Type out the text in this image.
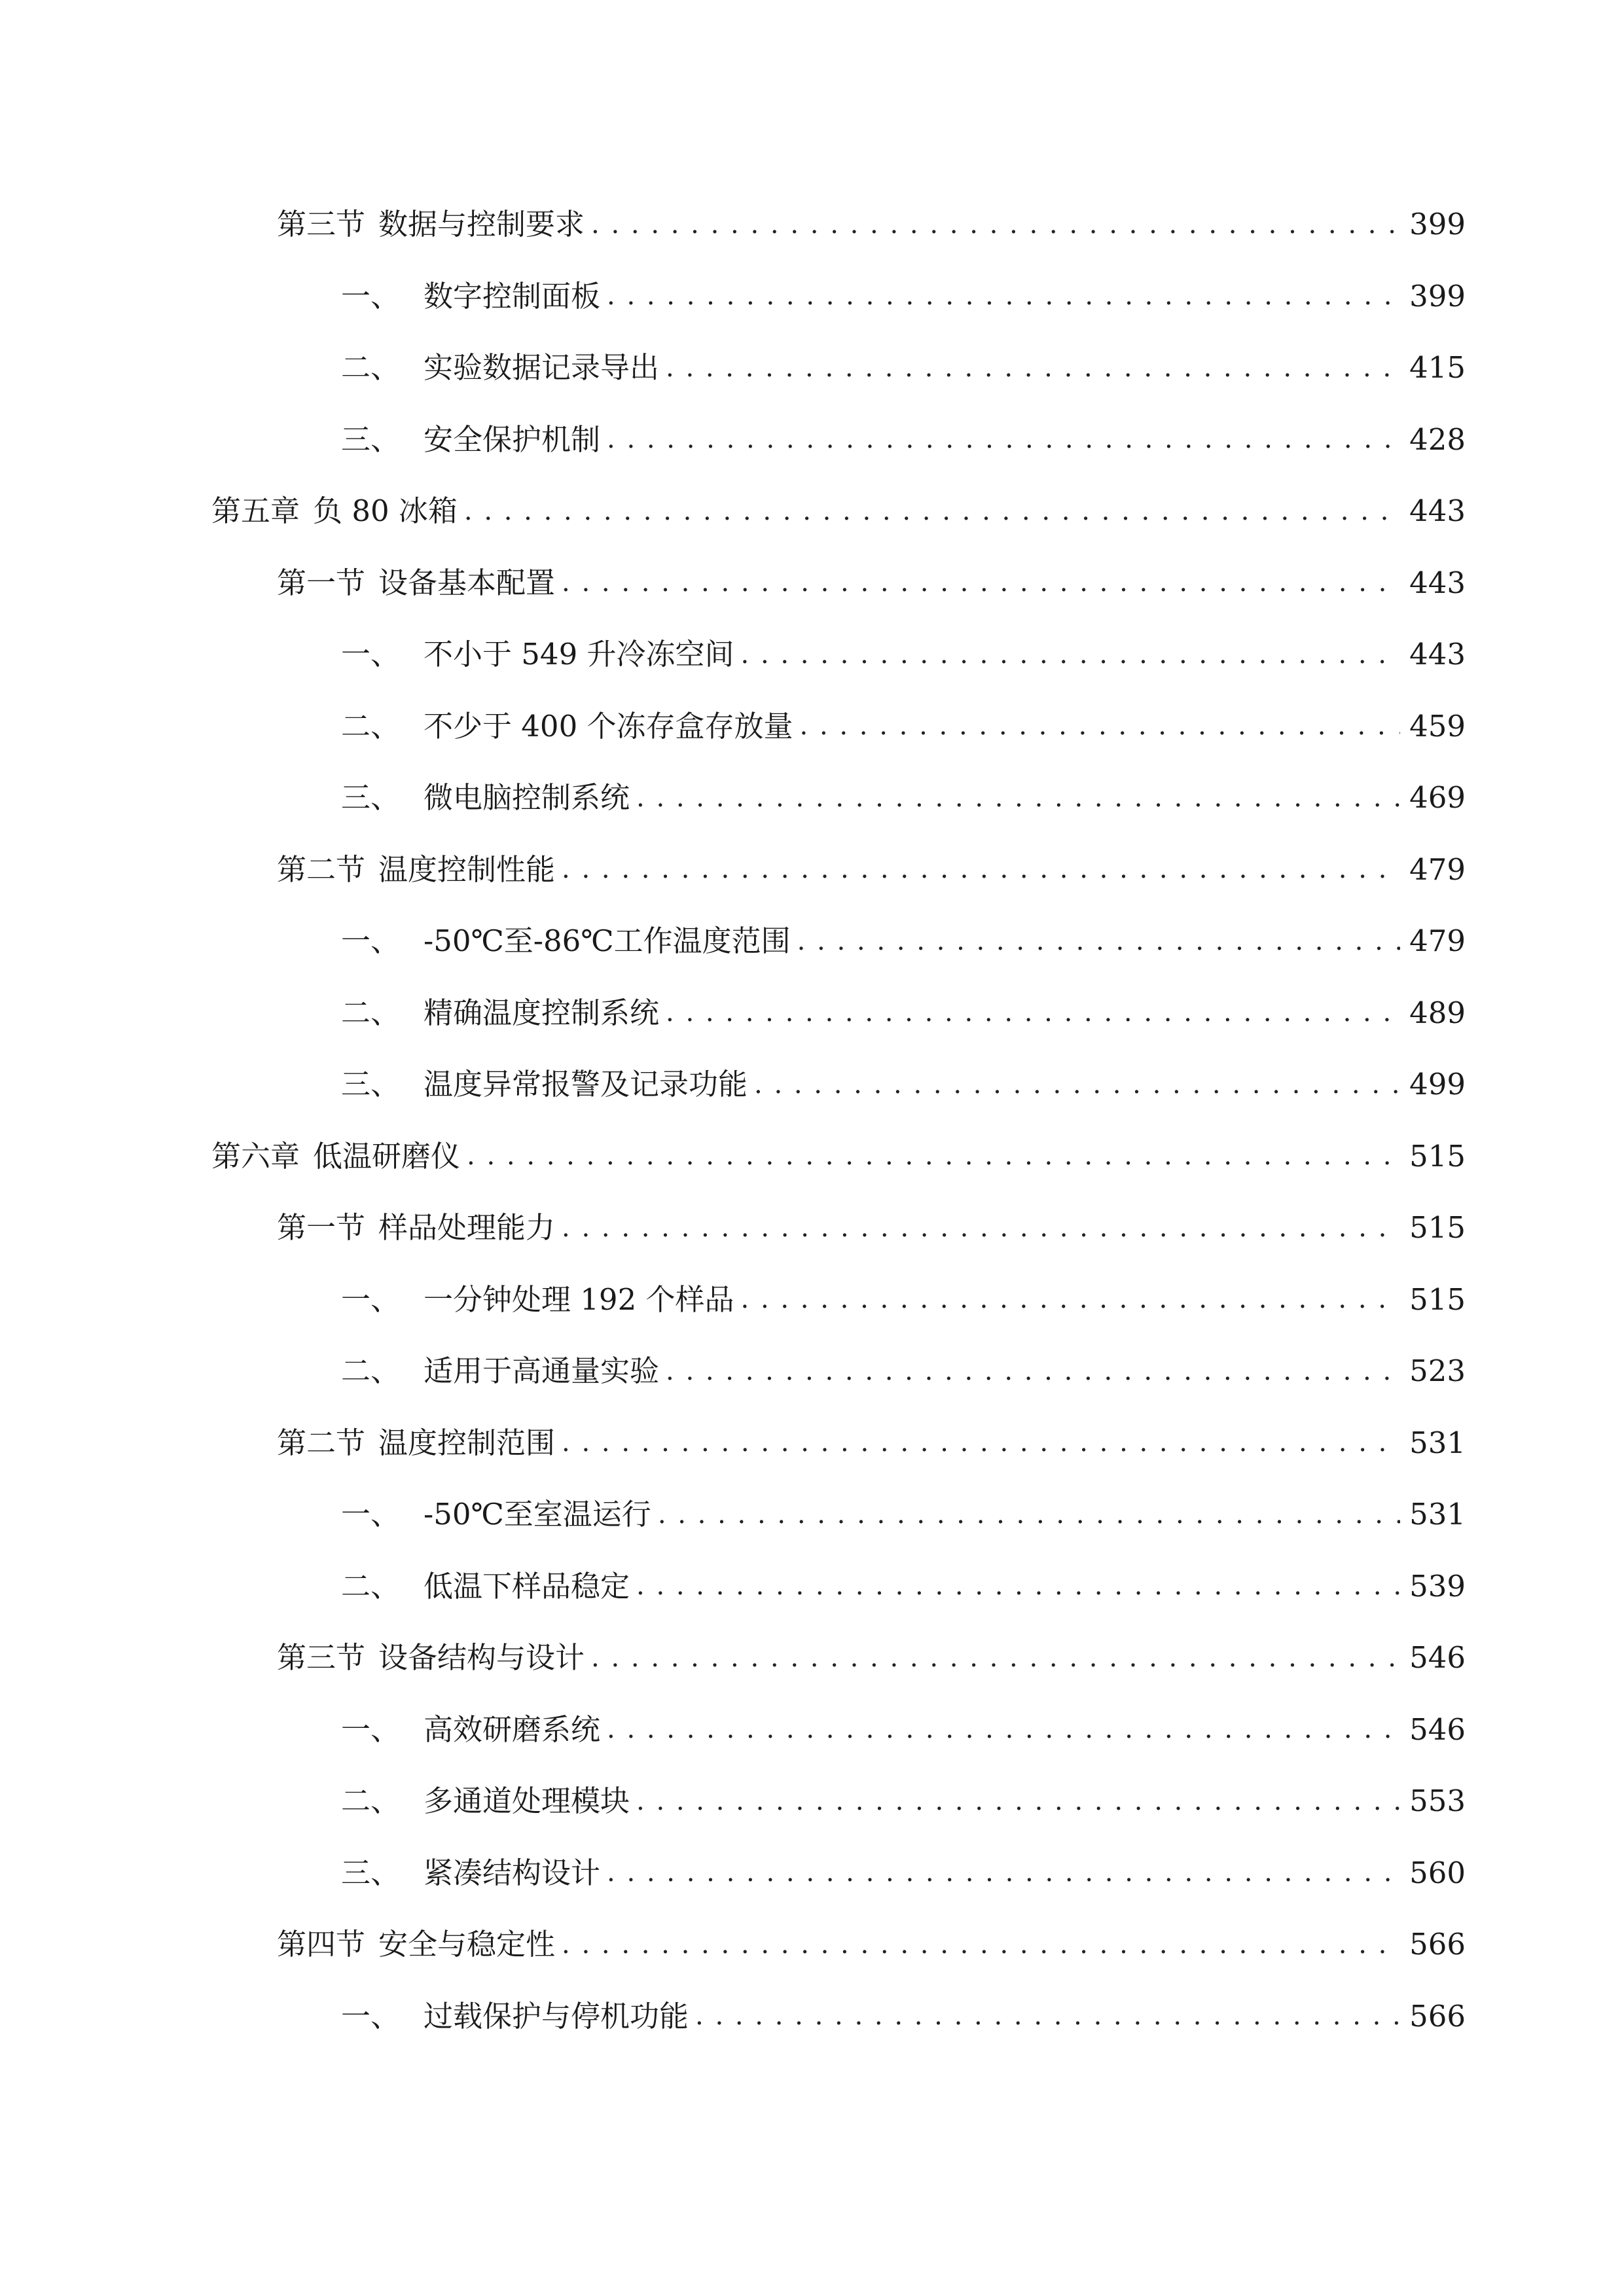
第三节 数据与控制要求 . . .	399
一、 数字控制面板 . . .	399
二、 实验数据记录导出 . . .	415
三、 安全保护机制 . . .	428
第五章 负 80 冰箱 . . .	443
第一节 设备基本配置 . . .	443
一、 不小于 549 升冷冻空间 . . .	443
二、 不少于 400 个冻存盒存放量 . . .	459
三、 微电脑控制系统 . . .	469
第二节 温度控制性能 . . .	479
一、 -50℃至-86℃工作温度范围 . . .	479
二、 精确温度控制系统 . . .	489
三、 温度异常报警及记录功能 . . .	499
第六章 低温研磨仪 . . .	515
第一节 样品处理能力 . . .	515
一、 一分钟处理 192 个样品 . . .	515
二、 适用于高通量实验 . . .	523
第二节 温度控制范围 . . .	531
一、 -50℃至室温运行 . . .	531
二、 低温下样品稳定 . . .	539
第三节 设备结构与设计 . . .	546
一、 高效研磨系统 . . .	546
二、 多通道处理模块 . . .	553
三、 紧凑结构设计 . . .	560
第四节 安全与稳定性 . . .	566
一、 过载保护与停机功能 . . .	566
